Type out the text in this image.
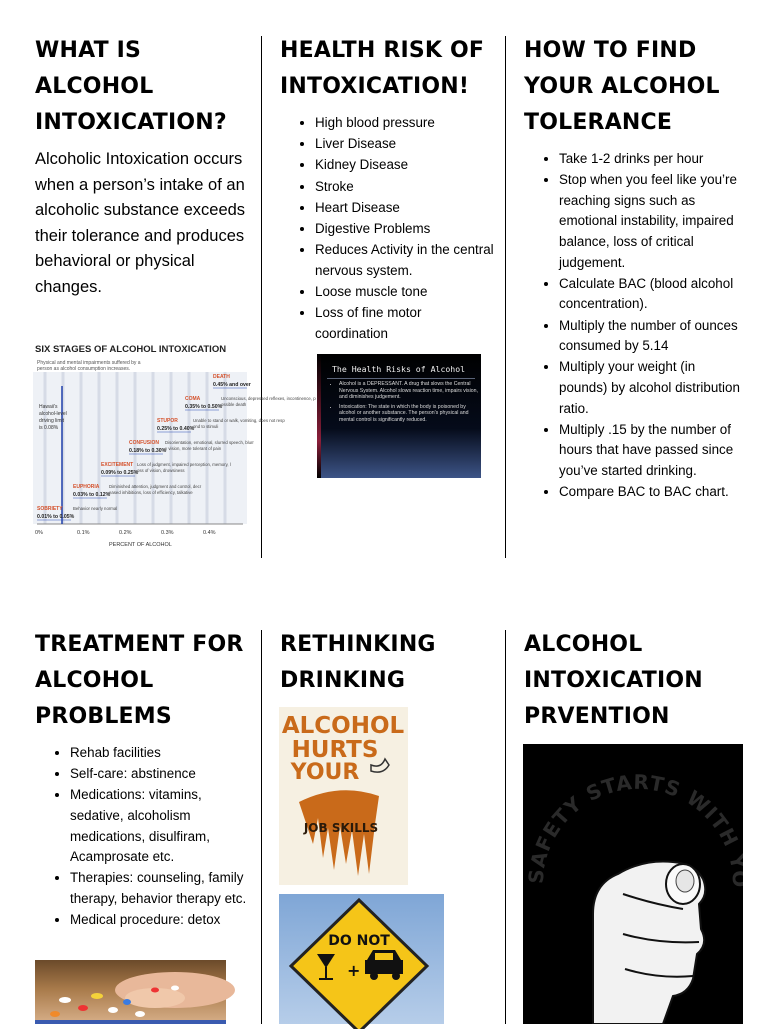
WHAT IS
ALCOHOL
INTOXICATION?

Alcoholic Intoxication occurs when a person’s intake of an alcoholic substance exceeds their tolerance and produces behavioral or physical changes.

SIX STAGES OF ALCOHOL INTOXICATION
Physical and mental impairments suffered by a
person as alcohol consumption increases.
Hawaii's
alcohol-level
driving limit
is 0.08%
SOBRIETY
0.01% to 0.05%
Behavior nearly normal
EUPHORIA
0.03% to 0.12%
Diminished attention, judgment and control, decr
eased inhibitions, loss of efficiency, talkative
EXCITEMENT
0.09% to 0.25%
Loss of judgment, impaired perception, memory, l
oss of vision, drowsiness
CONFUSION
0.18% to 0.30%
Disorientation, emotional, slurred speech, blurr
y vision, more tolerant of pain
STUPOR
0.25% to 0.40%
Unable to stand or walk, vomiting, does not resp
ond to stimuli
COMA
0.35% to 0.50%
Unconscious, depressed reflexes, incontinence, p
ossible death
DEATH
0.45% and over
0%	0.1%	0.2%	0.3%	0.4%
PERCENT OF ALCOHOL
HEALTH RISK OF
INTOXICATION!
• High blood pressure
• Liver Disease
• Kidney Disease
• Stroke
• Heart Disease
• Digestive Problems
• Reduces Activity in the central nervous system.
• Loose muscle tone
• Loss of fine motor coordination
The Health Risks of Alcohol
• Alcohol is a DEPRESSANT. A drug that slows the Central Nervous System. Alcohol slows reaction time, impairs vision, and diminishes judgement.
• Intoxication: The state in which the body is poisoned by alcohol or another substance. The person's physical and mental control is significantly reduced.
HOW TO FIND
YOUR ALCOHOL
TOLERANCE
• Take 1-2 drinks per hour
• Stop when you feel like you’re reaching signs such as emotional instability, impaired balance, loss of critical judgement.
• Calculate BAC (blood alcohol concentration).
• Multiply the number of ounces consumed by 5.14
• Multiply your weight (in pounds) by alcohol distribution ratio.
• Multiply .15 by the number of hours that have passed since you’ve started drinking.
• Compare BAC to BAC chart.
TREATMENT FOR
ALCOHOL
PROBLEMS
• Rehab facilities
• Self-care: abstinence
• Medications: vitamins, sedative, alcoholism medications, disulfiram, Acamprosate etc.
• Therapies: counseling, family therapy, behavior therapy etc.
• Medical procedure: detox
RETHINKING
DRINKING
ALCOHOL
HURTS
YOUR
JOB SKILLS
DO NOT
+
ALCOHOL
INTOXICATION
PRVENTION
SAFETY STARTS WITH
